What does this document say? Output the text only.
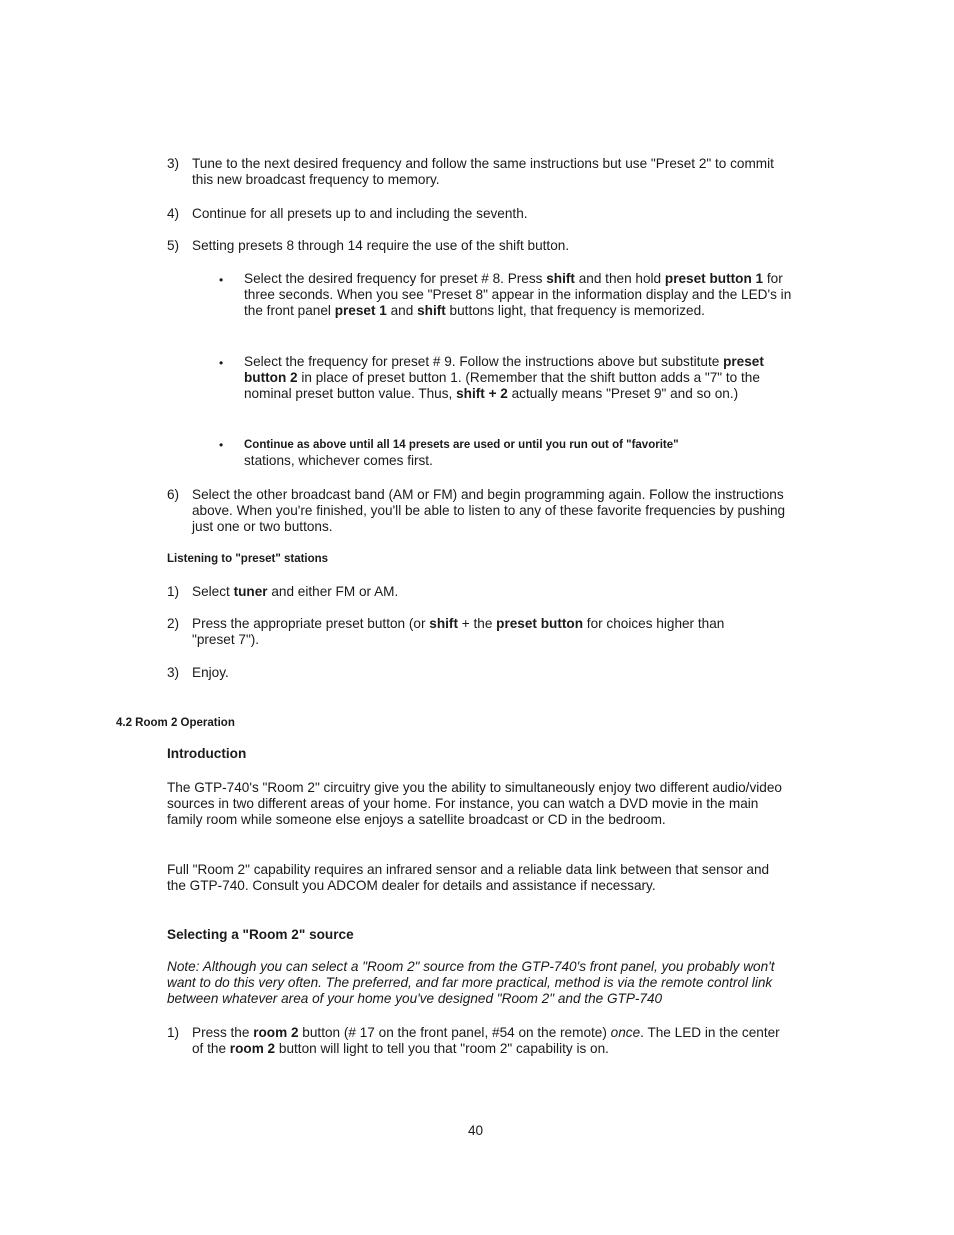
3) Tune to the next desired frequency and follow the same instructions but use "Preset 2" to commit this new broadcast frequency to memory.
4) Continue for all presets up to and including the seventh.
5) Setting presets 8 through 14 require the use of the shift button.
• Select the desired frequency for preset # 8. Press shift and then hold preset button 1 for three seconds. When you see "Preset 8" appear in the information display and the LED's in the front panel preset 1 and shift buttons light, that frequency is memorized.
• Select the frequency for preset # 9. Follow the instructions above but substitute preset button 2 in place of preset button 1. (Remember that the shift button adds a "7" to the nominal preset button value. Thus, shift + 2 actually means "Preset 9" and so on.)
• Continue as above until all 14 presets are used or until you run out of "favorite"
stations, whichever comes first.
6) Select the other broadcast band (AM or FM) and begin programming again. Follow the instructions above. When you're finished, you'll be able to listen to any of these favorite frequencies by pushing just one or two buttons.
Listening to "preset" stations
1) Select tuner and either FM or AM.
2) Press the appropriate preset button (or shift + the preset button for choices higher than "preset 7").
3) Enjoy.
4.2 Room 2 Operation
Introduction
The GTP-740's "Room 2" circuitry give you the ability to simultaneously enjoy two different audio/video sources in two different areas of your home. For instance, you can watch a DVD movie in the main family room while someone else enjoys a satellite broadcast or CD in the bedroom.
Full "Room 2" capability requires an infrared sensor and a reliable data link between that sensor and the GTP-740. Consult you ADCOM dealer for details and assistance if necessary.
Selecting a "Room 2" source
Note: Although you can select a "Room 2" source from the GTP-740's front panel, you probably won't want to do this very often. The preferred, and far more practical, method is via the remote control link between whatever area of your home you've designed "Room 2" and the GTP-740
1) Press the room 2 button (# 17 on the front panel, #54 on the remote) once. The LED in the center of the room 2 button will light to tell you that "room 2" capability is on.
40
